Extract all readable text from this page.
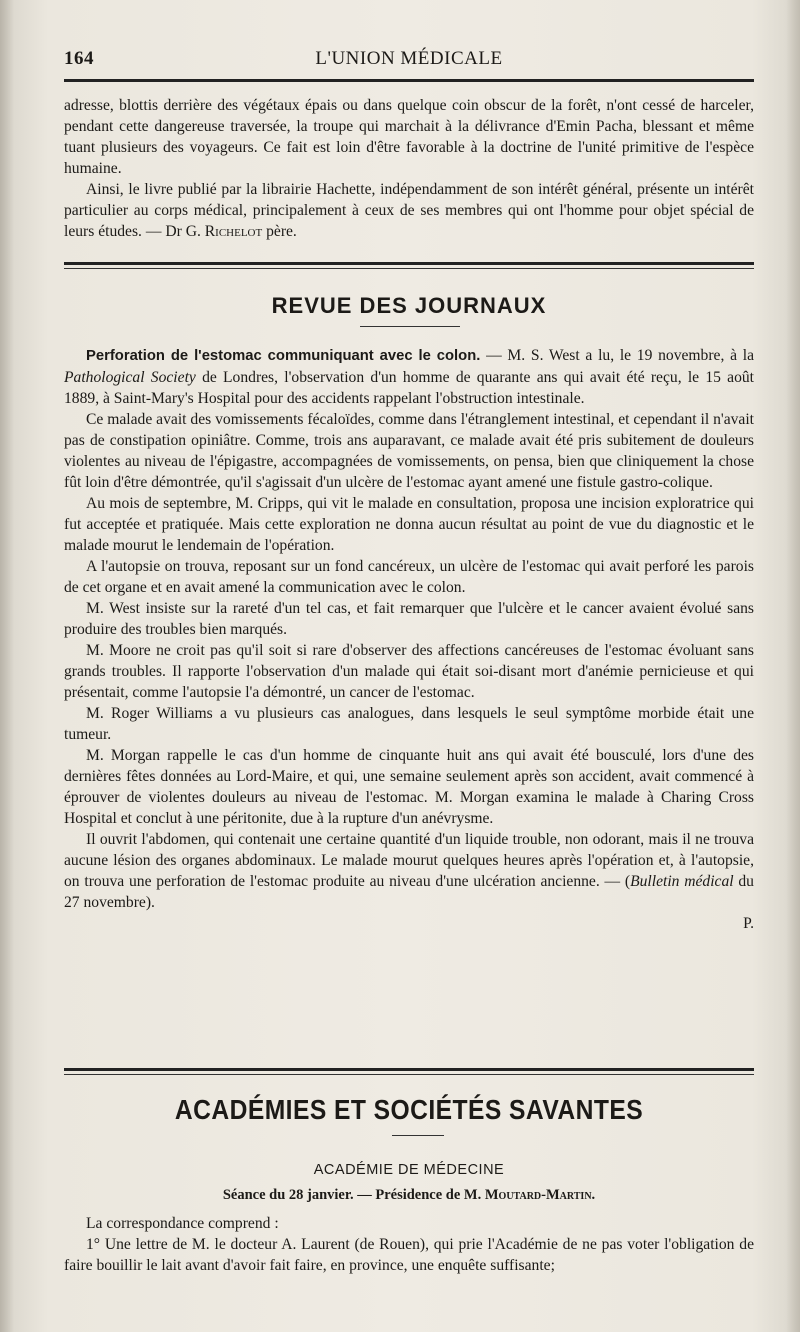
164	L'UNION MÉDICALE

adresse, blottis derrière des végétaux épais ou dans quelque coin obscur de la forêt, n'ont cessé de harceler, pendant cette dangereuse traversée, la troupe qui marchait à la délivrance d'Emin Pacha, blessant et même tuant plusieurs des voyageurs. Ce fait est loin d'être favorable à la doctrine de l'unité primitive de l'espèce humaine.

Ainsi, le livre publié par la librairie Hachette, indépendamment de son intérêt général, présente un intérêt particulier au corps médical, principalement à ceux de ses membres qui ont l'homme pour objet spécial de leurs études. — Dr G. Richelot père.

REVUE DES JOURNAUX

Perforation de l'estomac communiquant avec le colon. — M. S. West a lu, le 19 novembre, à la Pathological Society de Londres, l'observation d'un homme de quarante ans qui avait été reçu, le 15 août 1889, à Saint-Mary's Hospital pour des accidents rappelant l'obstruction intestinale.

Ce malade avait des vomissements fécaloïdes, comme dans l'étranglement intestinal, et cependant il n'avait pas de constipation opiniâtre. Comme, trois ans auparavant, ce malade avait été pris subitement de douleurs violentes au niveau de l'épigastre, accompagnées de vomissements, on pensa, bien que cliniquement la chose fût loin d'être démontrée, qu'il s'agissait d'un ulcère de l'estomac ayant amené une fistule gastro-colique.

Au mois de septembre, M. Cripps, qui vit le malade en consultation, proposa une incision exploratrice qui fut acceptée et pratiquée. Mais cette exploration ne donna aucun résultat au point de vue du diagnostic et le malade mourut le lendemain de l'opération.

A l'autopsie on trouva, reposant sur un fond cancéreux, un ulcère de l'estomac qui avait perforé les parois de cet organe et en avait amené la communication avec le colon.

M. West insiste sur la rareté d'un tel cas, et fait remarquer que l'ulcère et le cancer avaient évolué sans produire des troubles bien marqués.

M. Moore ne croit pas qu'il soit si rare d'observer des affections cancéreuses de l'estomac évoluant sans grands troubles. Il rapporte l'observation d'un malade qui était soi-disant mort d'anémie pernicieuse et qui présentait, comme l'autopsie l'a démontré, un cancer de l'estomac.

M. Roger Williams a vu plusieurs cas analogues, dans lesquels le seul symptôme morbide était une tumeur.

M. Morgan rappelle le cas d'un homme de cinquante huit ans qui avait été bousculé, lors d'une des dernières fêtes données au Lord-Maire, et qui, une semaine seulement après son accident, avait commencé à éprouver de violentes douleurs au niveau de l'estomac. M. Morgan examina le malade à Charing Cross Hospital et conclut à une péritonite, due à la rupture d'un anévrysme.

Il ouvrit l'abdomen, qui contenait une certaine quantité d'un liquide trouble, non odorant, mais il ne trouva aucune lésion des organes abdominaux. Le malade mourut quelques heures après l'opération et, à l'autopsie, on trouva une perforation de l'estomac produite au niveau d'une ulcération ancienne. — (Bulletin médical du 27 novembre).

P.
ACADÉMIES ET SOCIÉTÉS SAVANTES
ACADÉMIE DE MÉDECINE
Séance du 28 janvier. — Présidence de M. Moutard-Martin.

La correspondance comprend :

1° Une lettre de M. le docteur A. Laurent (de Rouen), qui prie l'Académie de ne pas voter l'obligation de faire bouillir le lait avant d'avoir fait faire, en province, une enquête suffisante;
